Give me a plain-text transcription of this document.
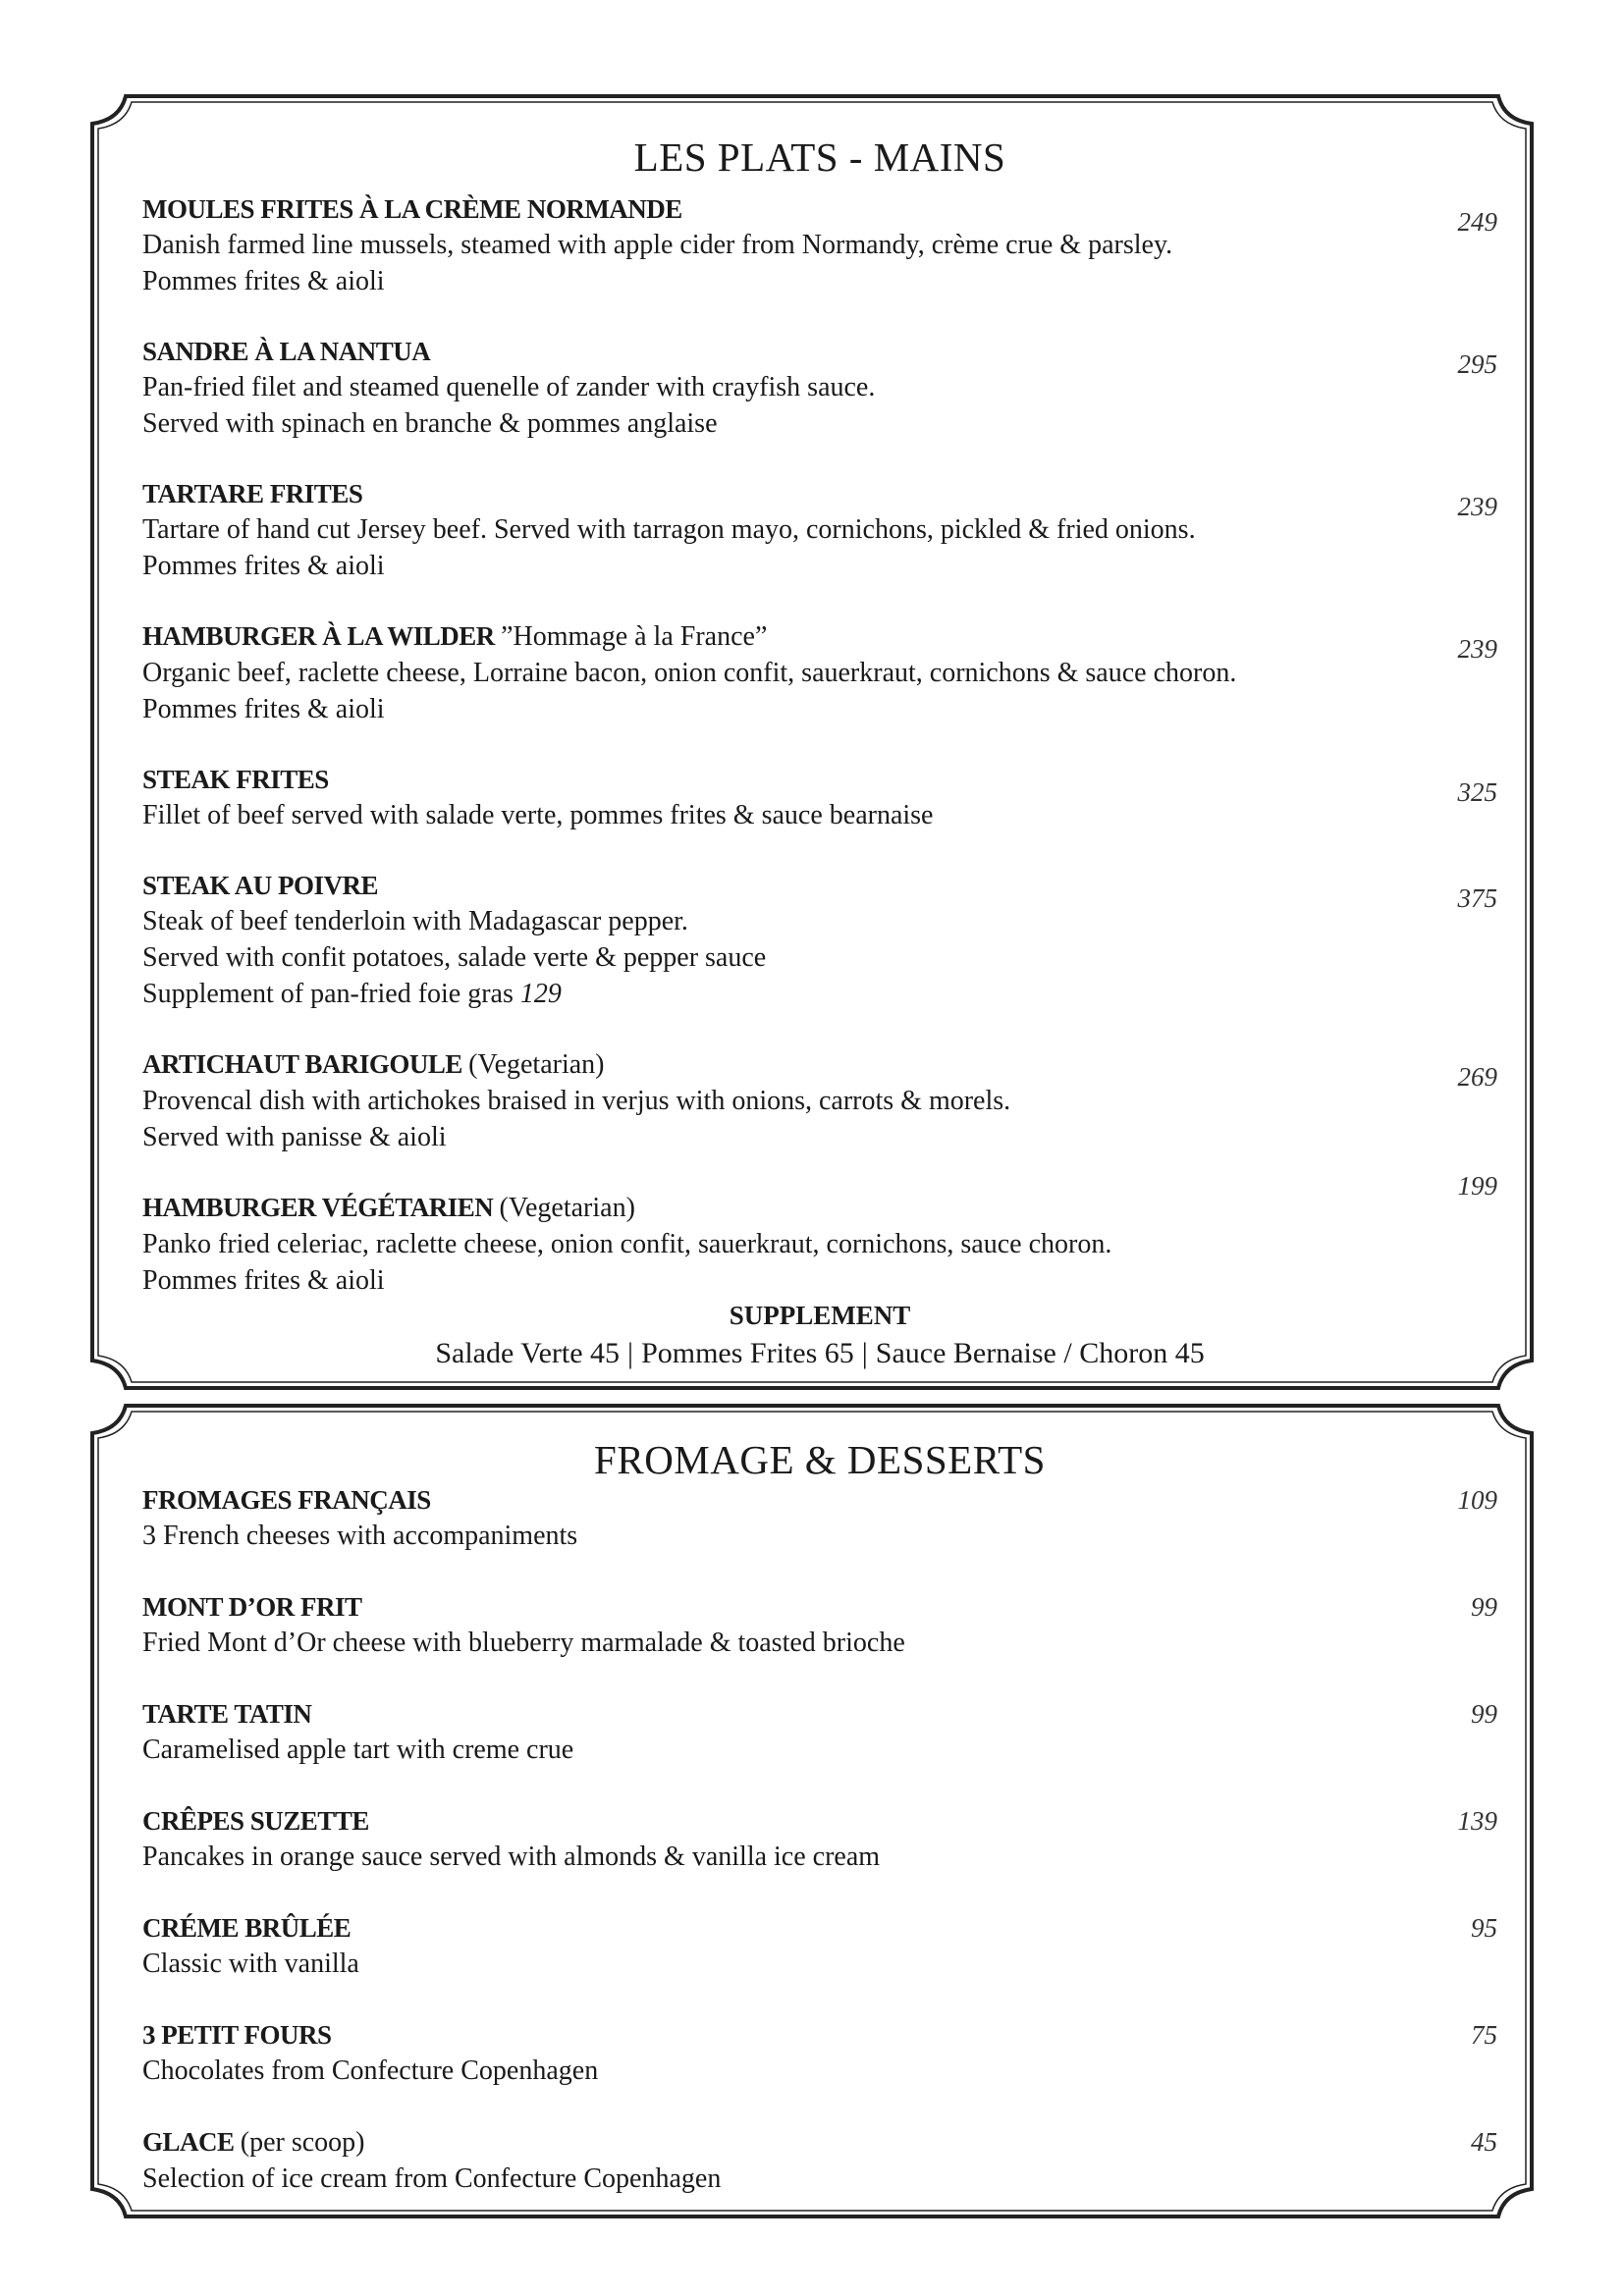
LES PLATS - MAINS
249
MOULES FRITES À LA CRÈME NORMANDE
Danish farmed line mussels, steamed with apple cider from Normandy, crème crue & parsley.
Pommes frites & aioli
295
SANDRE À LA NANTUA
Pan-fried filet and steamed quenelle of zander with crayfish sauce.
Served with spinach en branche & pommes anglaise
239
TARTARE FRITES
Tartare of hand cut Jersey beef. Served with tarragon mayo, cornichons, pickled & fried onions.
Pommes frites & aioli
239
HAMBURGER À LA WILDER ”Hommage à la France”
Organic beef, raclette cheese, Lorraine bacon, onion confit, sauerkraut, cornichons & sauce choron.
Pommes frites & aioli
325
STEAK FRITES
Fillet of beef served with salade verte, pommes frites & sauce bearnaise
375
STEAK AU POIVRE
Steak of beef tenderloin with Madagascar pepper.
Served with confit potatoes, salade verte & pepper sauce
Supplement of pan-fried foie gras 129
269
ARTICHAUT BARIGOULE (Vegetarian)
Provencal dish with artichokes braised in verjus with onions, carrots & morels.
Served with panisse & aioli
199
HAMBURGER VÉGÉTARIEN (Vegetarian)
Panko fried celeriac, raclette cheese, onion confit, sauerkraut, cornichons, sauce choron.
Pommes frites & aioli
SUPPLEMENT
Salade Verte 45 | Pommes Frites 65 | Sauce Bernaise / Choron 45
FROMAGE & DESSERTS
109
FROMAGES FRANÇAIS
3 French cheeses with accompaniments
99
MONT D’OR FRIT
Fried Mont d’Or cheese with blueberry marmalade & toasted brioche
99
TARTE TATIN
Caramelised apple tart with creme crue
139
CRÊPES SUZETTE
Pancakes in orange sauce served with almonds & vanilla ice cream
95
CRÉME BRÛLÉE
Classic with vanilla
75
3 PETIT FOURS
Chocolates from Confecture Copenhagen
45
GLACE (per scoop)
Selection of ice cream from Confecture Copenhagen
